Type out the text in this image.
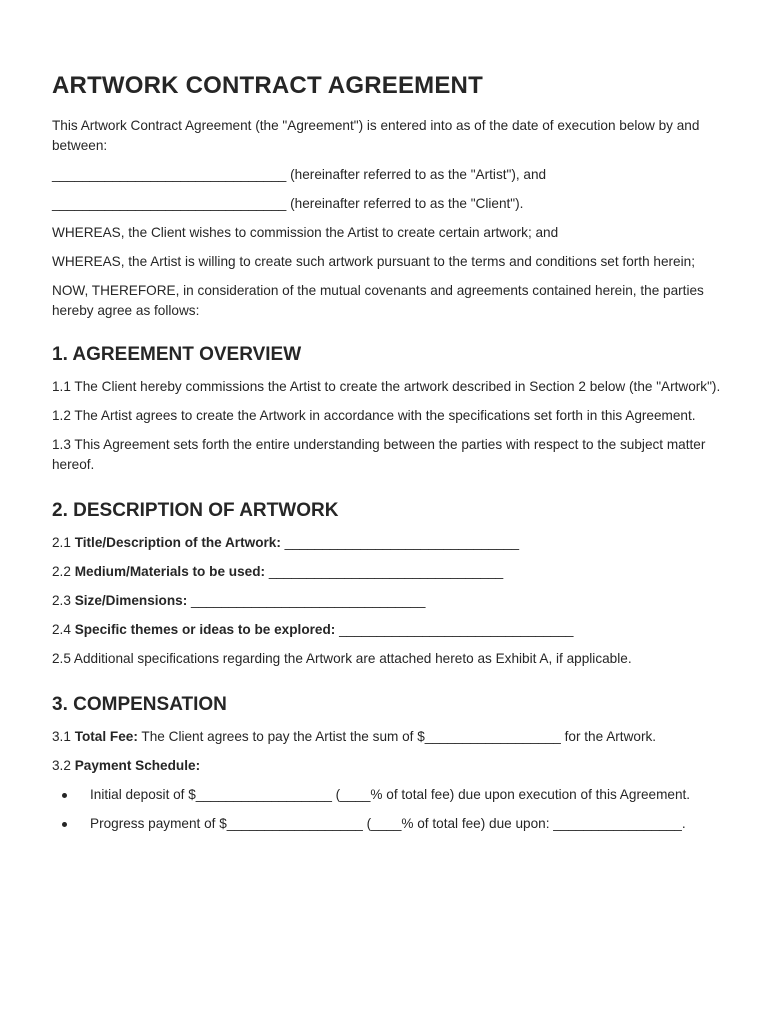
ARTWORK CONTRACT AGREEMENT

This Artwork Contract Agreement (the "Agreement") is entered into as of the date of execution below by and between:

_______________________________ (hereinafter referred to as the "Artist"), and

_______________________________ (hereinafter referred to as the "Client").

WHEREAS, the Client wishes to commission the Artist to create certain artwork; and

WHEREAS, the Artist is willing to create such artwork pursuant to the terms and conditions set forth herein;

NOW, THEREFORE, in consideration of the mutual covenants and agreements contained herein, the parties hereby agree as follows:

1. AGREEMENT OVERVIEW

1.1 The Client hereby commissions the Artist to create the artwork described in Section 2 below (the "Artwork").

1.2 The Artist agrees to create the Artwork in accordance with the specifications set forth in this Agreement.

1.3 This Agreement sets forth the entire understanding between the parties with respect to the subject matter hereof.

2. DESCRIPTION OF ARTWORK

2.1 Title/Description of the Artwork: _______________________________

2.2 Medium/Materials to be used: _______________________________

2.3 Size/Dimensions: _______________________________

2.4 Specific themes or ideas to be explored: _______________________________

2.5 Additional specifications regarding the Artwork are attached hereto as Exhibit A, if applicable.

3. COMPENSATION

3.1 Total Fee: The Client agrees to pay the Artist the sum of $__________________ for the Artwork.

3.2 Payment Schedule:

Initial deposit of $__________________ (____% of total fee) due upon execution of this Agreement.
Progress payment of $__________________ (____% of total fee) due upon: _________________.
